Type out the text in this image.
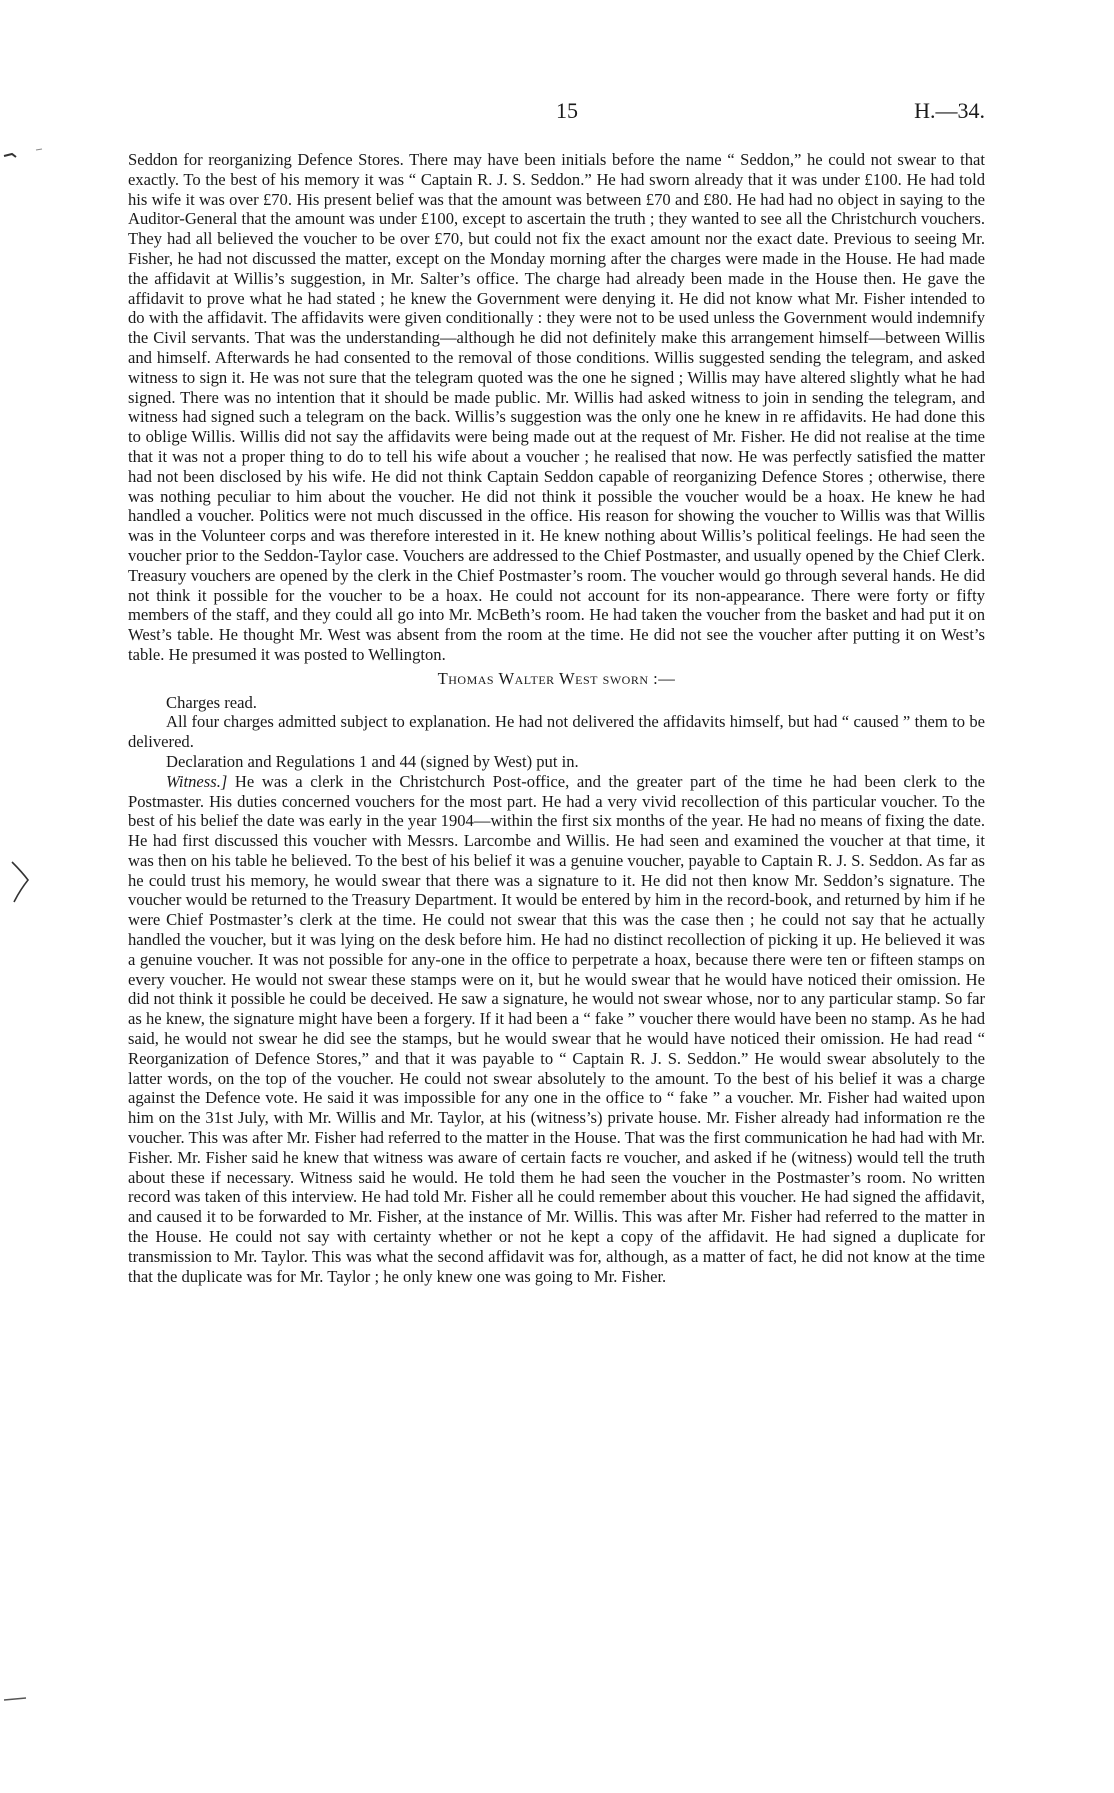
15	H.—34.

Seddon for reorganizing Defence Stores. There may have been initials before the name “ Seddon,” he could not swear to that exactly. To the best of his memory it was “ Captain R. J. S. Seddon.” He had sworn already that it was under £100. He had told his wife it was over £70. His present belief was that the amount was between £70 and £80. He had had no object in saying to the Auditor-General that the amount was under £100, except to ascertain the truth ; they wanted to see all the Christchurch vouchers. They had all believed the voucher to be over £70, but could not fix the exact amount nor the exact date. Previous to seeing Mr. Fisher, he had not discussed the matter, except on the Monday morning after the charges were made in the House. He had made the affidavit at Willis’s suggestion, in Mr. Salter’s office. The charge had already been made in the House then. He gave the affidavit to prove what he had stated ; he knew the Government were denying it. He did not know what Mr. Fisher intended to do with the affidavit. The affidavits were given conditionally : they were not to be used unless the Government would indemnify the Civil servants. That was the understanding—although he did not definitely make this arrangement himself—between Willis and himself. Afterwards he had consented to the removal of those conditions. Willis suggested sending the telegram, and asked witness to sign it. He was not sure that the telegram quoted was the one he signed ; Willis may have altered slightly what he had signed. There was no intention that it should be made public. Mr. Willis had asked witness to join in sending the telegram, and witness had signed such a telegram on the back. Willis’s suggestion was the only one he knew in re affidavits. He had done this to oblige Willis. Willis did not say the affidavits were being made out at the request of Mr. Fisher. He did not realise at the time that it was not a proper thing to do to tell his wife about a voucher ; he realised that now. He was perfectly satisfied the matter had not been disclosed by his wife. He did not think Captain Seddon capable of reorganizing Defence Stores ; otherwise, there was nothing peculiar to him about the voucher. He did not think it possible the voucher would be a hoax. He knew he had handled a voucher. Politics were not much discussed in the office. His reason for showing the voucher to Willis was that Willis was in the Volunteer corps and was therefore interested in it. He knew nothing about Willis’s political feelings. He had seen the voucher prior to the Seddon-Taylor case. Vouchers are addressed to the Chief Postmaster, and usually opened by the Chief Clerk. Treasury vouchers are opened by the clerk in the Chief Postmaster’s room. The voucher would go through several hands. He did not think it possible for the voucher to be a hoax. He could not account for its non-appearance. There were forty or fifty members of the staff, and they could all go into Mr. McBeth’s room. He had taken the voucher from the basket and had put it on West’s table. He thought Mr. West was absent from the room at the time. He did not see the voucher after putting it on West’s table. He presumed it was posted to Wellington.

Thomas Walter West sworn :—

Charges read.

All four charges admitted subject to explanation. He had not delivered the affidavits himself, but had “ caused ” them to be delivered.

Declaration and Regulations 1 and 44 (signed by West) put in.

Witness.] He was a clerk in the Christchurch Post-office, and the greater part of the time he had been clerk to the Postmaster. His duties concerned vouchers for the most part. He had a very vivid recollection of this particular voucher. To the best of his belief the date was early in the year 1904—within the first six months of the year. He had no means of fixing the date. He had first discussed this voucher with Messrs. Larcombe and Willis. He had seen and examined the voucher at that time, it was then on his table he believed. To the best of his belief it was a genuine voucher, payable to Captain R. J. S. Seddon. As far as he could trust his memory, he would swear that there was a signature to it. He did not then know Mr. Seddon’s signature. The voucher would be returned to the Treasury Department. It would be entered by him in the record-book, and returned by him if he were Chief Postmaster’s clerk at the time. He could not swear that this was the case then ; he could not say that he actually handled the voucher, but it was lying on the desk before him. He had no distinct recollection of picking it up. He believed it was a genuine voucher. It was not possible for any-one in the office to perpetrate a hoax, because there were ten or fifteen stamps on every voucher. He would not swear these stamps were on it, but he would swear that he would have noticed their omission. He did not think it possible he could be deceived. He saw a signature, he would not swear whose, nor to any particular stamp. So far as he knew, the signature might have been a forgery. If it had been a “ fake ” voucher there would have been no stamp. As he had said, he would not swear he did see the stamps, but he would swear that he would have noticed their omission. He had read “ Reorganization of Defence Stores,” and that it was payable to “ Captain R. J. S. Seddon.” He would swear absolutely to the latter words, on the top of the voucher. He could not swear absolutely to the amount. To the best of his belief it was a charge against the Defence vote. He said it was impossible for any one in the office to “ fake ” a voucher. Mr. Fisher had waited upon him on the 31st July, with Mr. Willis and Mr. Taylor, at his (witness’s) private house. Mr. Fisher already had information re the voucher. This was after Mr. Fisher had referred to the matter in the House. That was the first communication he had had with Mr. Fisher. Mr. Fisher said he knew that witness was aware of certain facts re voucher, and asked if he (witness) would tell the truth about these if necessary. Witness said he would. He told them he had seen the voucher in the Postmaster’s room. No written record was taken of this interview. He had told Mr. Fisher all he could remember about this voucher. He had signed the affidavit, and caused it to be forwarded to Mr. Fisher, at the instance of Mr. Willis. This was after Mr. Fisher had referred to the matter in the House. He could not say with certainty whether or not he kept a copy of the affidavit. He had signed a duplicate for transmission to Mr. Taylor. This was what the second affidavit was for, although, as a matter of fact, he did not know at the time that the duplicate was for Mr. Taylor ; he only knew one was going to Mr. Fisher.
